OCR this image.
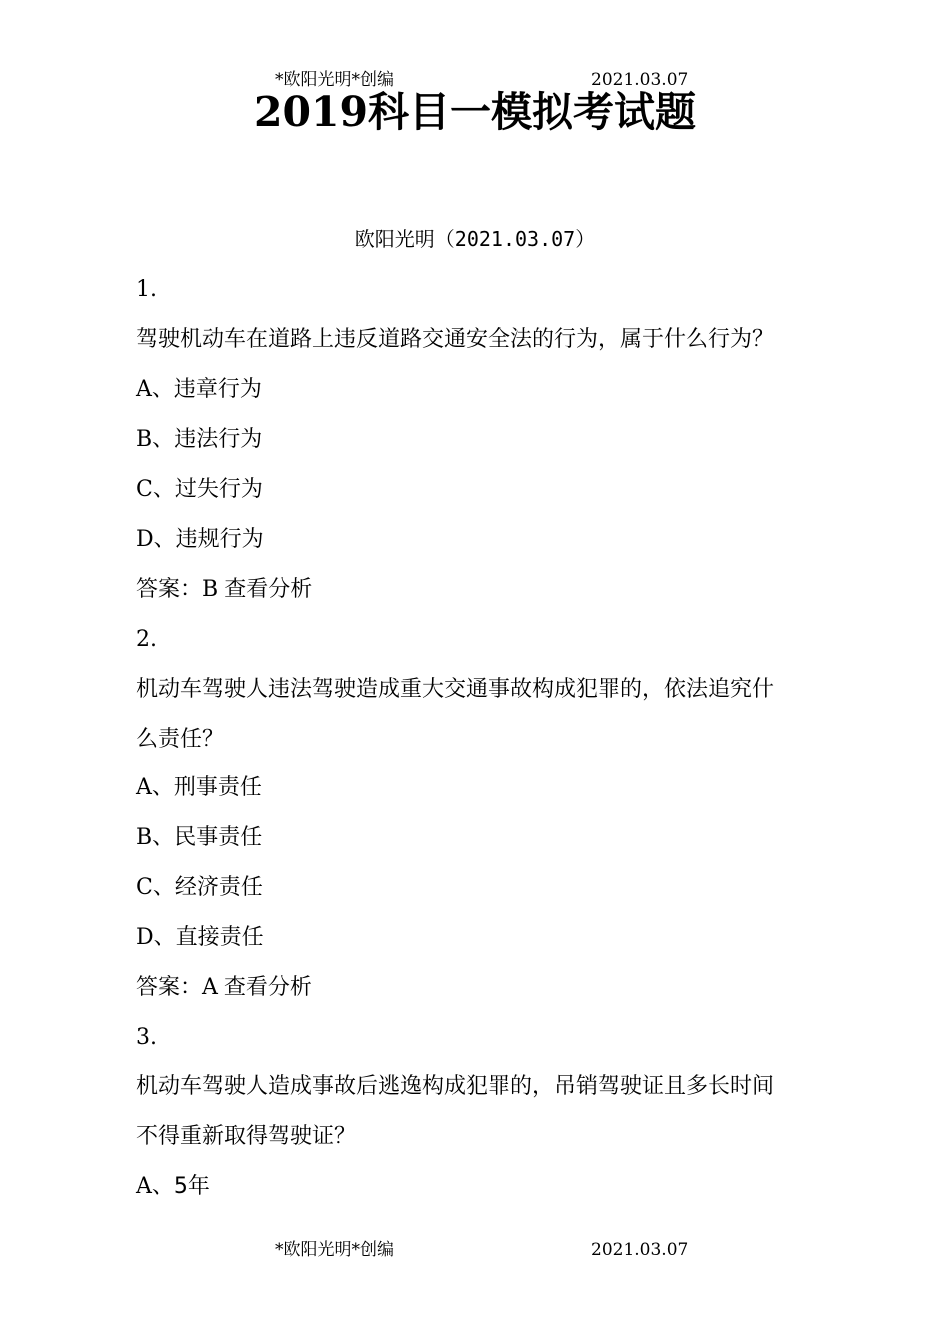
*欧阳光明*创编	2021.03.07
2019科目一模拟考试题
欧阳光明（2021.03.07）
1.
驾驶机动车在道路上违反道路交通安全法的行为，属于什么行为？
A、违章行为
B、违法行为
C、过失行为
D、违规行为
答案：B 查看分析
2.
机动车驾驶人违法驾驶造成重大交通事故构成犯罪的，依法追究什
么责任？
A、刑事责任
B、民事责任
C、经济责任
D、直接责任
答案：A 查看分析
3.
机动车驾驶人造成事故后逃逸构成犯罪的，吊销驾驶证且多长时间
不得重新取得驾驶证？
A、5年
*欧阳光明*创编	2021.03.07
